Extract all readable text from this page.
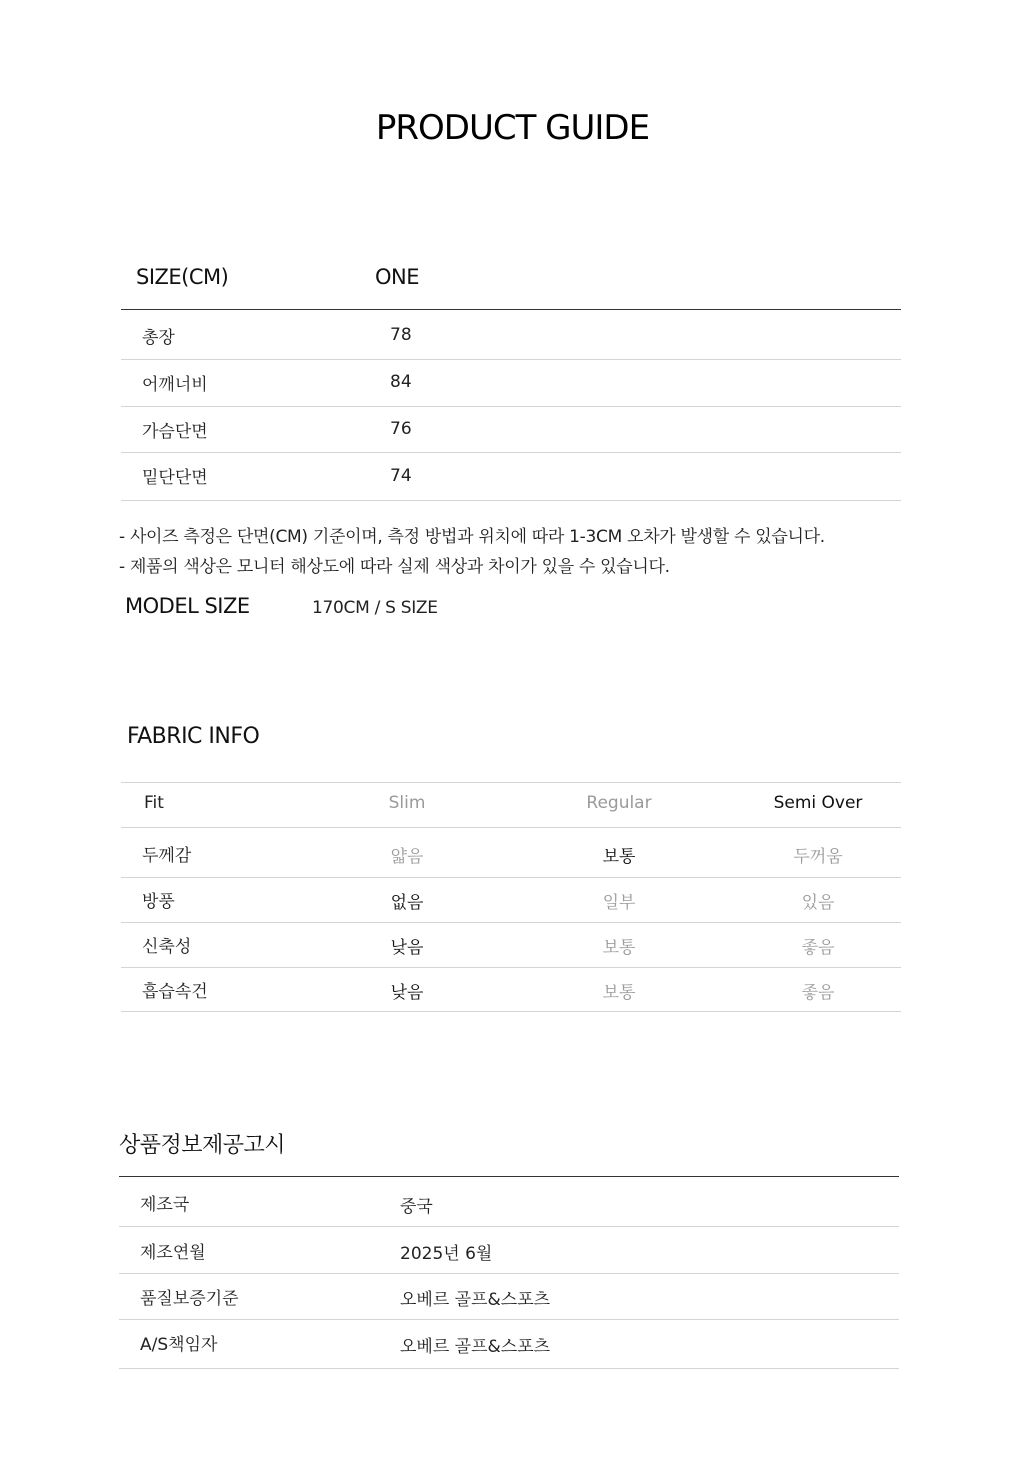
PRODUCT GUIDE
SIZE(CM)	ONE
총장	78
어깨너비	84
가슴단면	76
밑단단면	74
- 사이즈 측정은 단면(CM) 기준이며, 측정 방법과 위치에 따라 1-3CM 오차가 발생할 수 있습니다.
- 제품의 색상은 모니터 해상도에 따라 실제 색상과 차이가 있을 수 있습니다.
MODEL SIZE	170CM / S SIZE
FABRIC INFO
Fit	Slim	Regular	Semi Over
두께감	얇음	보통	두꺼움
방풍	없음	일부	있음
신축성	낮음	보통	좋음
흡습속건	낮음	보통	좋음
상품정보제공고시
제조국	중국
제조연월	2025년 6월
품질보증기준	오베르 골프&스포츠
A/S책임자	오베르 골프&스포츠
